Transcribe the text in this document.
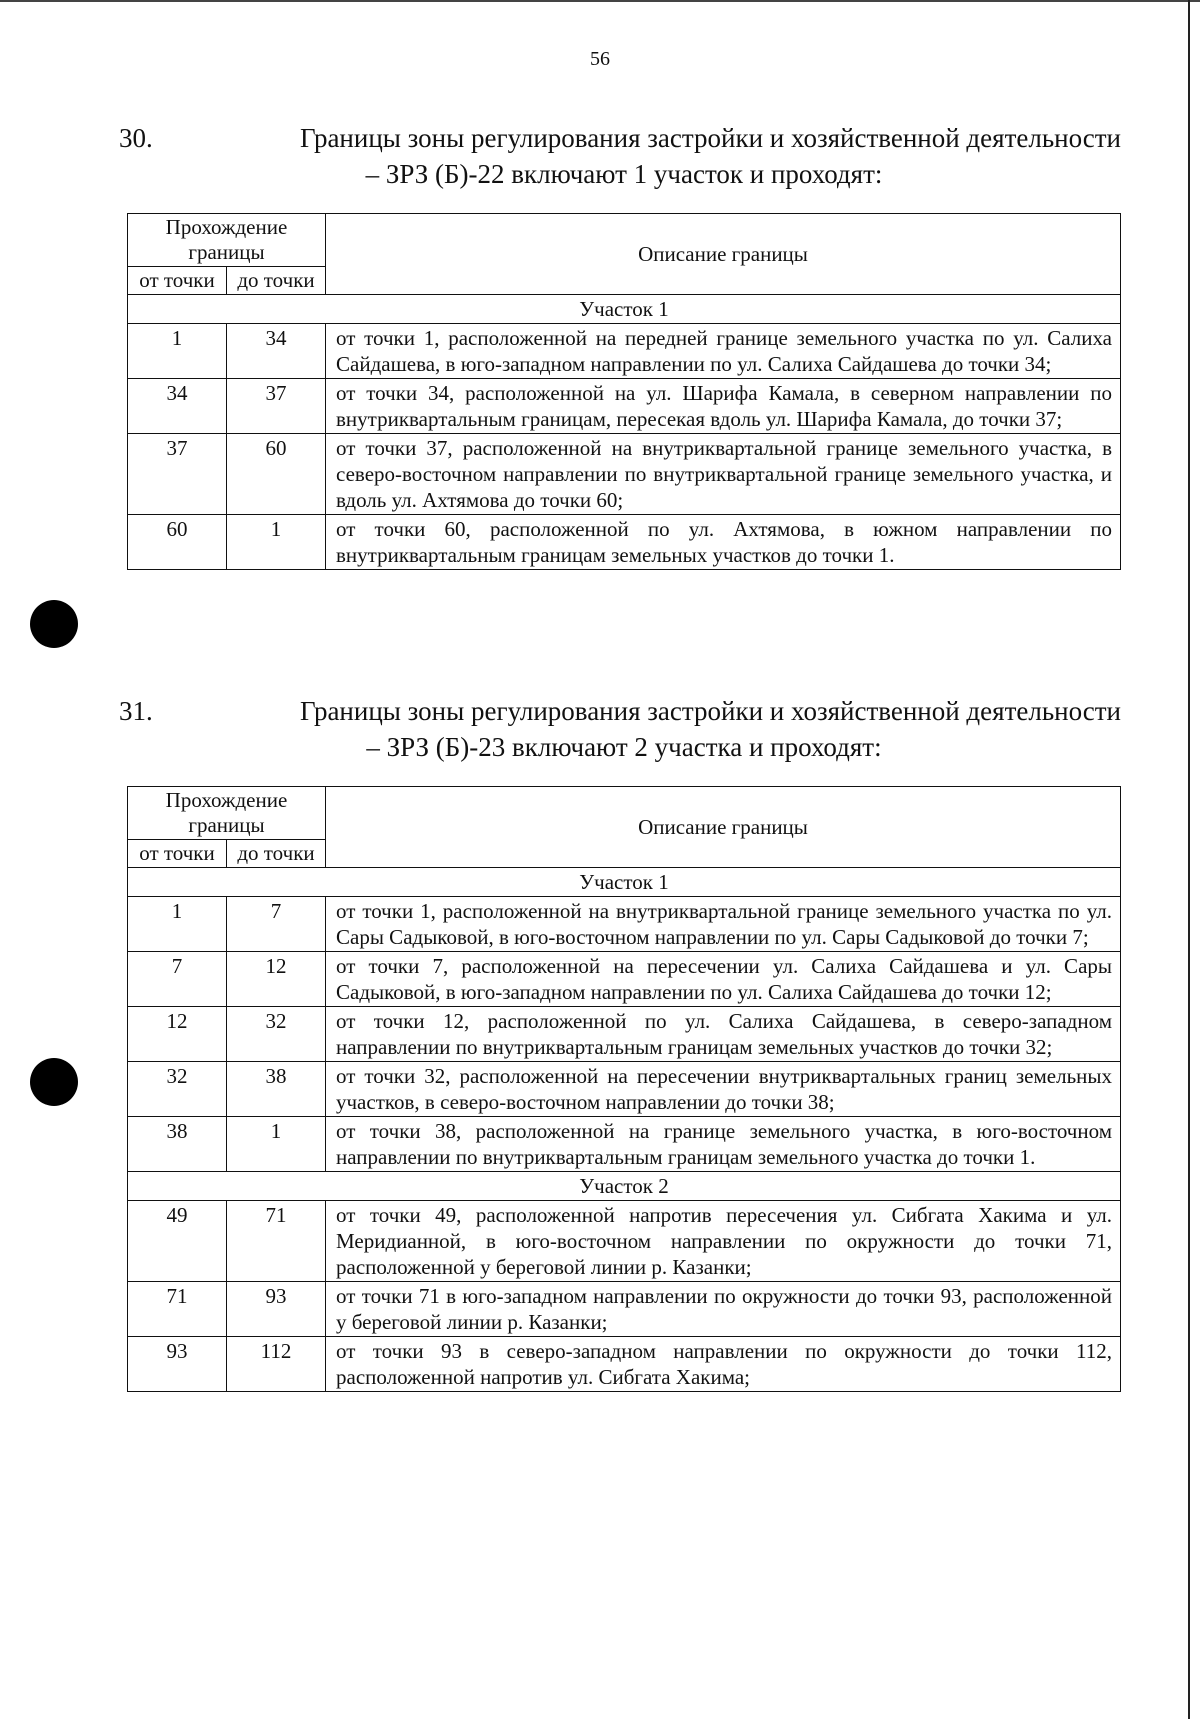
56
30.	Границы зоны регулирования застройки и хозяйственной деятельности
– ЗРЗ (Б)-22 включают 1 участок и проходят:
Прохождение границы		Описание границы
от точки	до точки	
Участок 1		
1	34	от точки 1, расположенной на передней границе земельного участка по ул. Салиха Сайдашева, в юго-западном направлении по ул. Салиха Сайдашева до точки 34;
34	37	от точки 34, расположенной на ул. Шарифа Камала, в северном направлении по внутриквартальным границам, пересекая вдоль ул. Шарифа Камала, до точки 37;
37	60	от точки 37, расположенной на внутриквартальной границе земельного участка, в северо-восточном направлении по внутриквартальной границе земельного участка, и вдоль ул. Ахтямова до точки 60;
60	1	от точки 60, расположенной по ул. Ахтямова, в южном направлении по внутриквартальным границам земельных участков до точки 1.
31.	Границы зоны регулирования застройки и хозяйственной деятельности
– ЗРЗ (Б)-23 включают 2 участка и проходят:
Прохождение границы		Описание границы
от точки	до точки	
Участок 1		
1	7	от точки 1, расположенной на внутриквартальной границе земельного участка по ул. Сары Садыковой, в юго-восточном направлении по ул. Сары Садыковой до точки 7;
7	12	от точки 7, расположенной на пересечении ул. Салиха Сайдашева и ул. Сары Садыковой, в юго-западном направлении по ул. Салиха Сайдашева до точки 12;
12	32	от точки 12, расположенной по ул. Салиха Сайдашева, в северо-западном направлении по внутриквартальным границам земельных участков до точки 32;
32	38	от точки 32, расположенной на пересечении внутриквартальных границ земельных участков, в северо-восточном направлении до точки 38;
38	1	от точки 38, расположенной на границе земельного участка, в юго-восточном направлении по внутриквартальным границам земельного участка до точки 1.
Участок 2		
49	71	от точки 49, расположенной напротив пересечения ул. Сибгата Хакима и ул. Меридианной, в юго-восточном направлении по окружности до точки 71, расположенной у береговой линии р. Казанки;
71	93	от точки 71 в юго-западном направлении по окружности до точки 93, расположенной у береговой линии р. Казанки;
93	112	от точки 93 в северо-западном направлении по окружности до точки 112, расположенной напротив ул. Сибгата Хакима;
